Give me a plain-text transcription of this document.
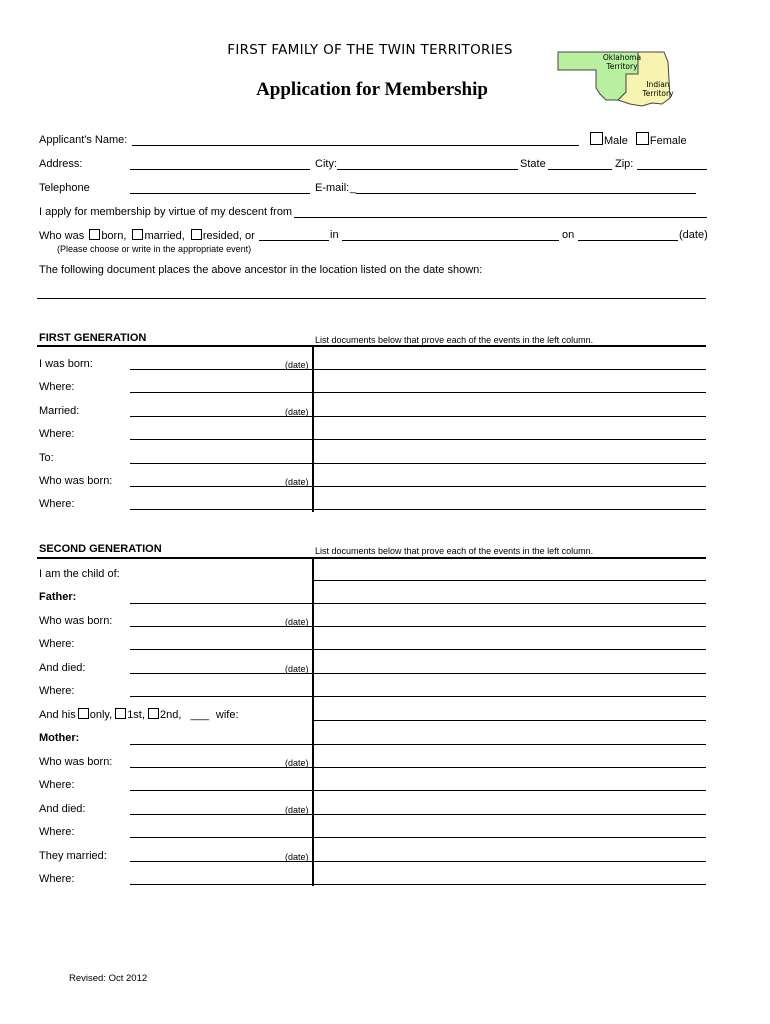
FIRST FAMILY OF THE TWIN TERRITORIES
Application for Membership
Oklahoma Territory
Indian Territory
Applicant's Name:	Male Female
Address:	City:	State	Zip:
Telephone	E-mail: _
I apply for membership by virtue of my descent from
Who was born, married, resided, or	in	on	(date)
(Please choose or write in the appropriate event)
The following document places the above ancestor in the location listed on the date shown:
FIRST GENERATION	List documents below that prove each of the events in the left column.
I was born:	(date)
Where:
Married:	(date)
Where:
To:
Who was born:	(date)
Where:
SECOND GENERATION	List documents below that prove each of the events in the left column.
I am the child of:
Father:
Who was born:	(date)
Where:
And died:	(date)
Where:
And his only, 1st, 2nd, ___ wife:
Mother:
Who was born:	(date)
Where:
And died:	(date)
Where:
They married:	(date)
Where:
Revised: Oct 2012
